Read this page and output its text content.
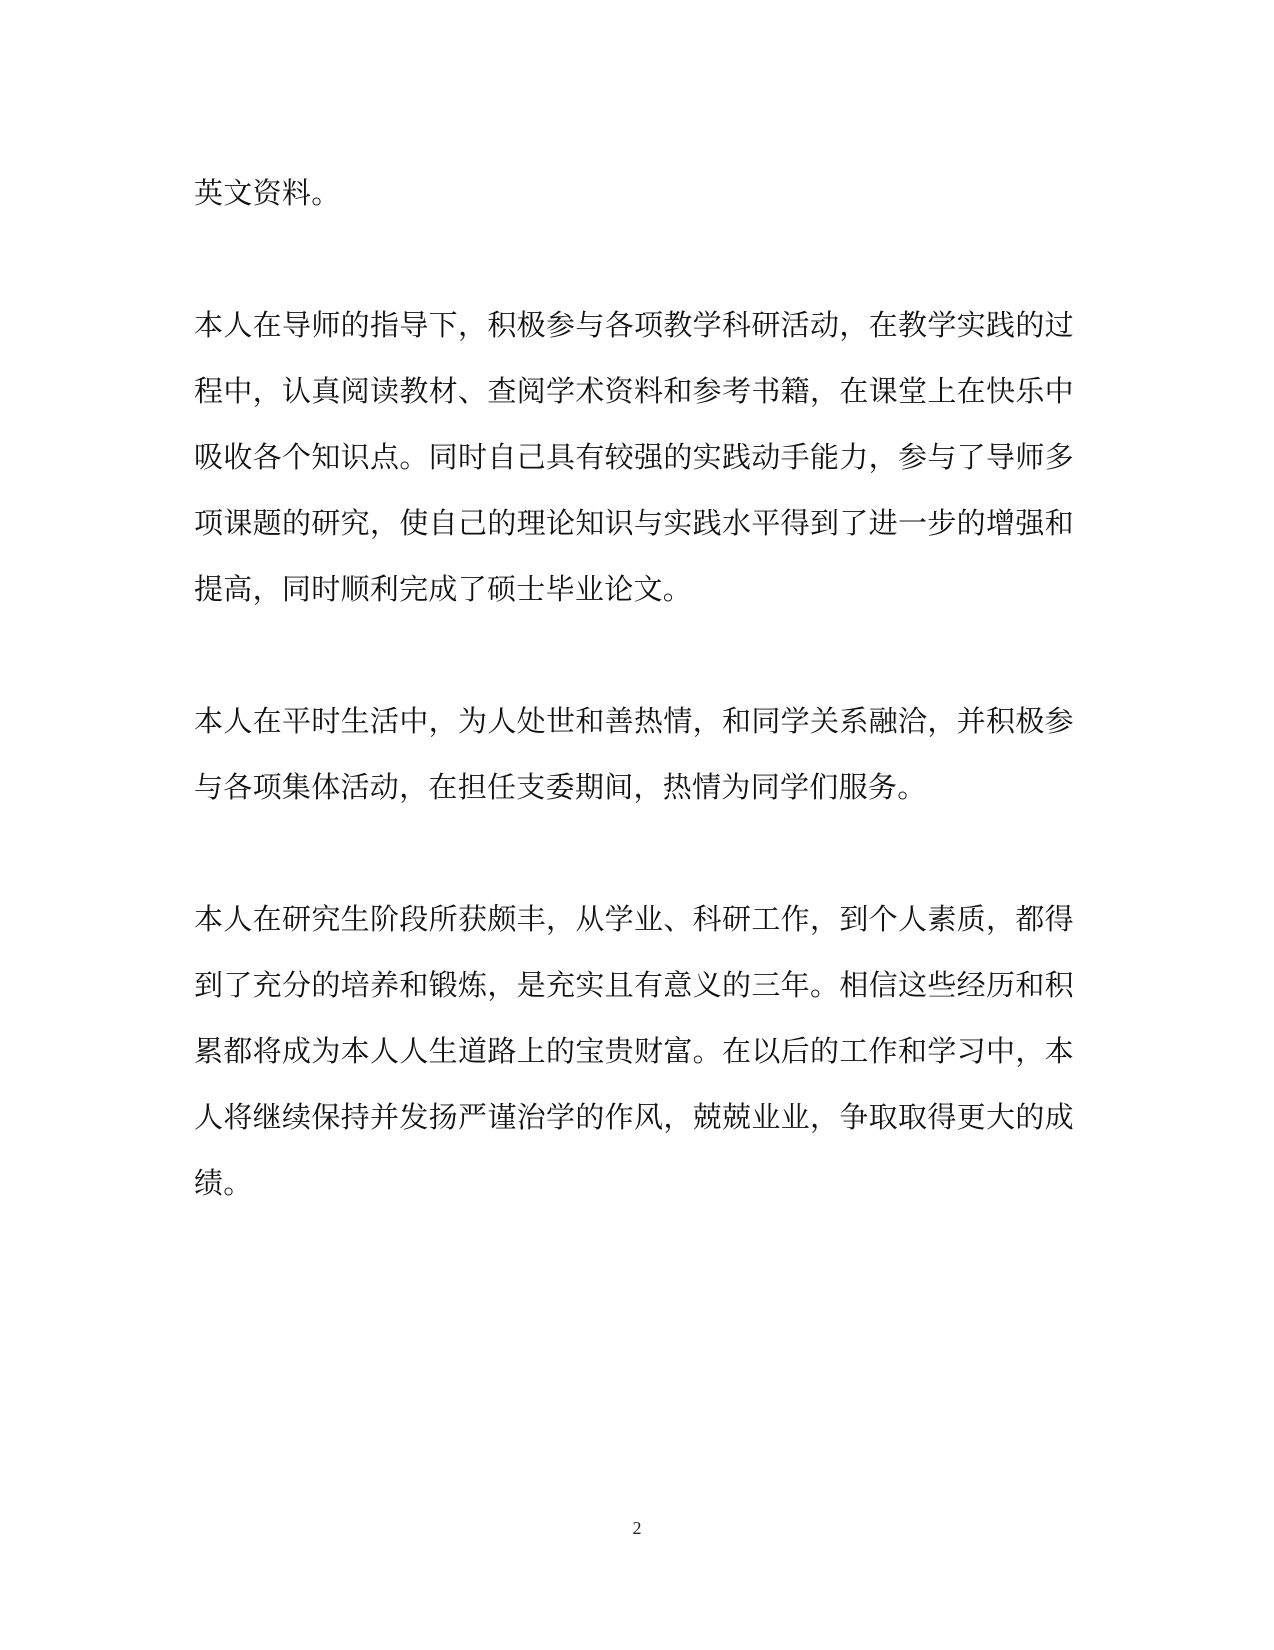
英文资料。

本人在导师的指导下，积极参与各项教学科研活动，在教学实践的过程中，认真阅读教材、查阅学术资料和参考书籍，在课堂上在快乐中吸收各个知识点。同时自己具有较强的实践动手能力，参与了导师多项课题的研究，使自己的理论知识与实践水平得到了进一步的增强和提高，同时顺利完成了硕士毕业论文。

本人在平时生活中，为人处世和善热情，和同学关系融洽，并积极参与各项集体活动，在担任支委期间，热情为同学们服务。

本人在研究生阶段所获颇丰，从学业、科研工作，到个人素质，都得到了充分的培养和锻炼，是充实且有意义的三年。相信这些经历和积累都将成为本人人生道路上的宝贵财富。在以后的工作和学习中，本人将继续保持并发扬严谨治学的作风，兢兢业业，争取取得更大的成绩。

2
